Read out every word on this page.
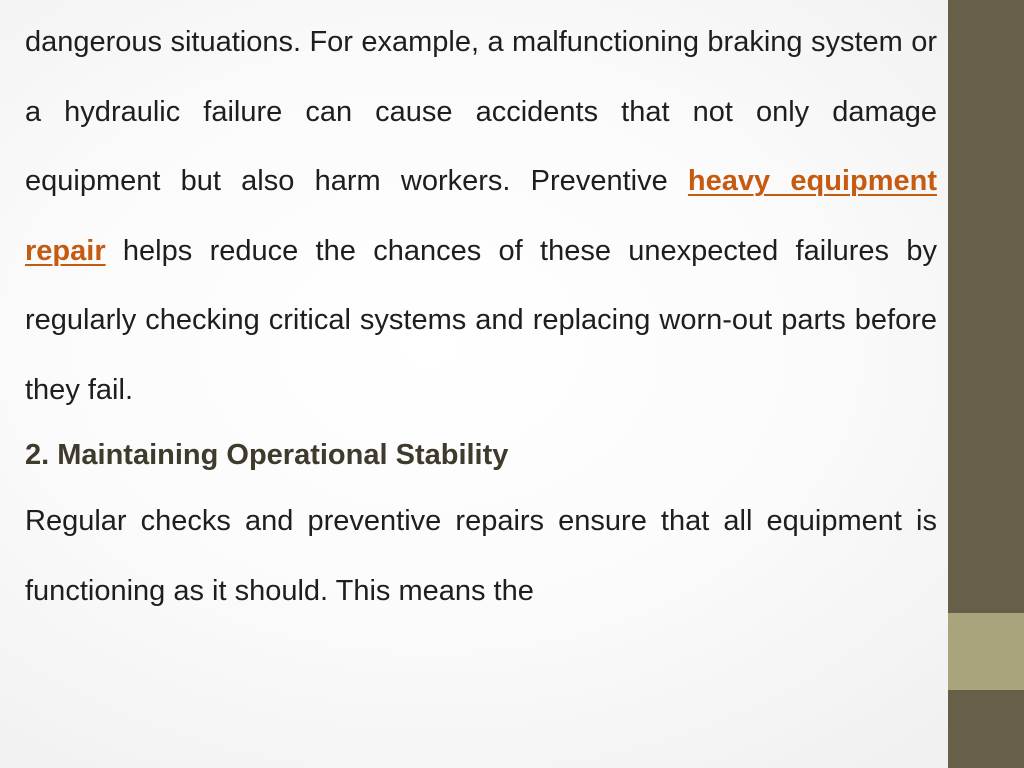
dangerous situations. For example, a malfunctioning braking system or a hydraulic failure can cause accidents that not only damage equipment but also harm workers. Preventive heavy equipment repair helps reduce the chances of these unexpected failures by regularly checking critical systems and replacing worn-out parts before they fail.

2. Maintaining Operational Stability

Regular checks and preventive repairs ensure that all equipment is functioning as it should. This means the
